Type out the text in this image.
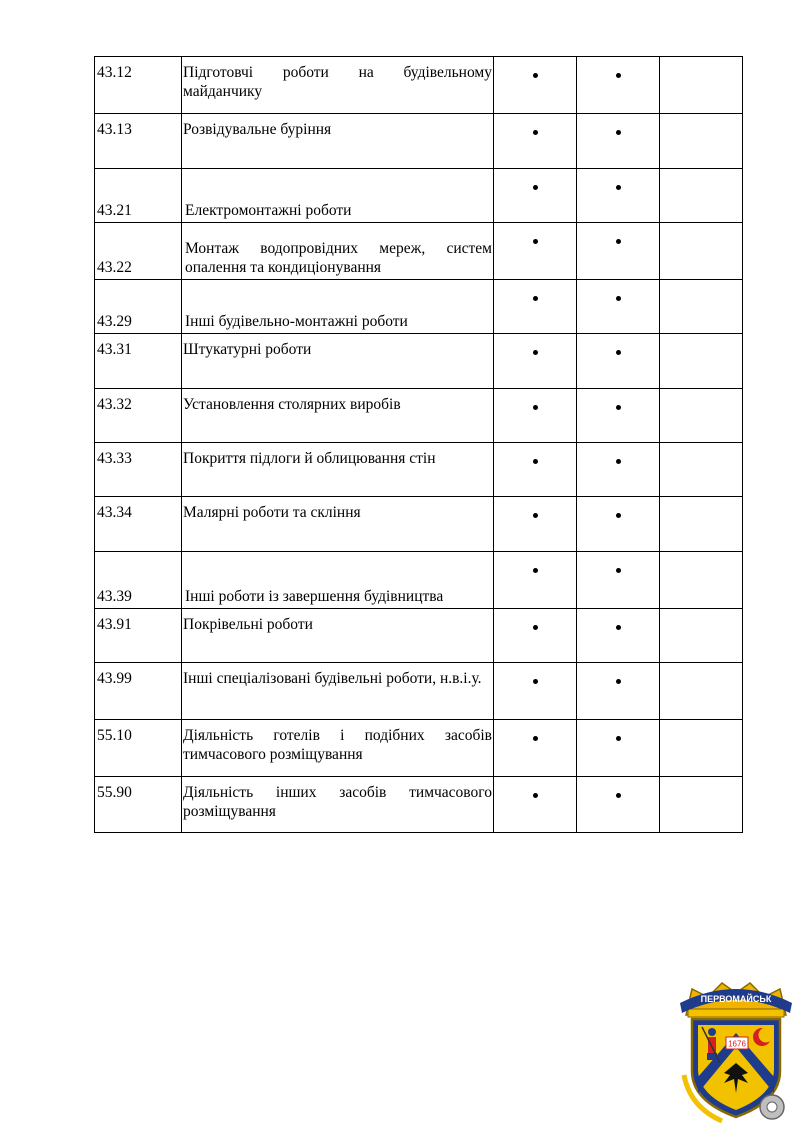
43.12	Підготовчі роботи на будівельному майданчику			
43.13	Розвідувальне буріння			
43.21	Електромонтажні роботи			
43.22	Монтаж водопровідних мереж, систем опалення та кондиціонування			
43.29	Інші будівельно-монтажні роботи			
43.31	Штукатурні роботи			
43.32	Установлення столярних виробів			
43.33	Покриття підлоги й облицювання стін			
43.34	Малярні роботи та скління			
43.39	Інші роботи із завершення будівництва			
43.91	Покрівельні роботи			
43.99	Інші спеціалізовані будівельні роботи, н.в.і.у.			
55.10	Діяльність готелів і подібних засобів тимчасового розміщування			
55.90	Діяльність інших засобів тимчасового розміщування			
ПЕРВОМАЙСЬК
1676
